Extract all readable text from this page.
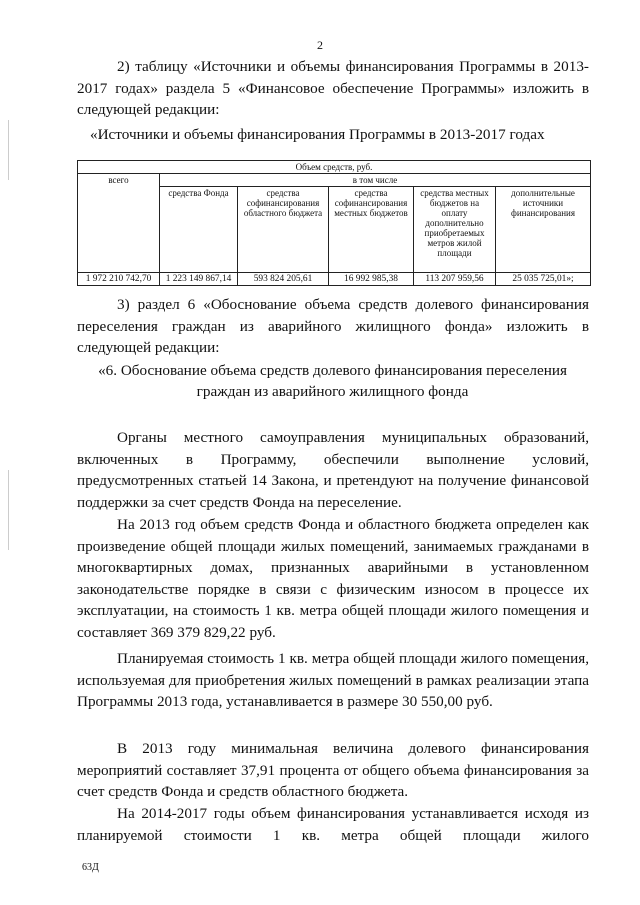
2
2) таблицу «Источники и объемы финансирования Программы в 2013-2017 годах» раздела 5 «Финансовое обеспечение Программы» изложить в следующей редакции:
«Источники и объемы финансирования Программы в 2013-2017 годах
Объем средств, руб.					
всего	в том числе				
	средства Фонда	средства софинансирования областного бюджета	средства софинансирования местных бюджетов	средства местных бюджетов на оплату дополнительно приобретаемых метров жилой площади	дополнительные источники финансирования
1 972 210 742,70	1 223 149 867,14	593 824 205,61	16 992 985,38	113 207 959,56	25 035 725,01»;
3) раздел 6 «Обоснование объема средств долевого финансирования переселения граждан из аварийного жилищного фонда» изложить в следующей редакции:
«6. Обоснование объема средств долевого финансирования переселения
граждан из аварийного жилищного фонда
Органы местного самоуправления муниципальных образований, включенных в Программу, обеспечили выполнение условий, предусмотренных статьей 14 Закона, и претендуют на получение финансовой поддержки за счет средств Фонда на переселение.
На 2013 год объем средств Фонда и областного бюджета определен как произведение общей площади жилых помещений, занимаемых гражданами в многоквартирных домах, признанных аварийными в установленном законодательстве порядке в связи с физическим износом в процессе их эксплуатации, на стоимость 1 кв. метра общей площади жилого помещения и составляет 369 379 829,22 руб.
Планируемая стоимость 1 кв. метра общей площади жилого помещения, используемая для приобретения жилых помещений в рамках реализации этапа Программы 2013 года, устанавливается в размере 30 550,00 руб.
В 2013 году минимальная величина долевого финансирования мероприятий составляет 37,91 процента от общего объема финансирования за счет средств Фонда и средств областного бюджета.
На 2014-2017 годы объем финансирования устанавливается исходя из планируемой стоимости 1 кв. метра общей площади жилого
63Д
